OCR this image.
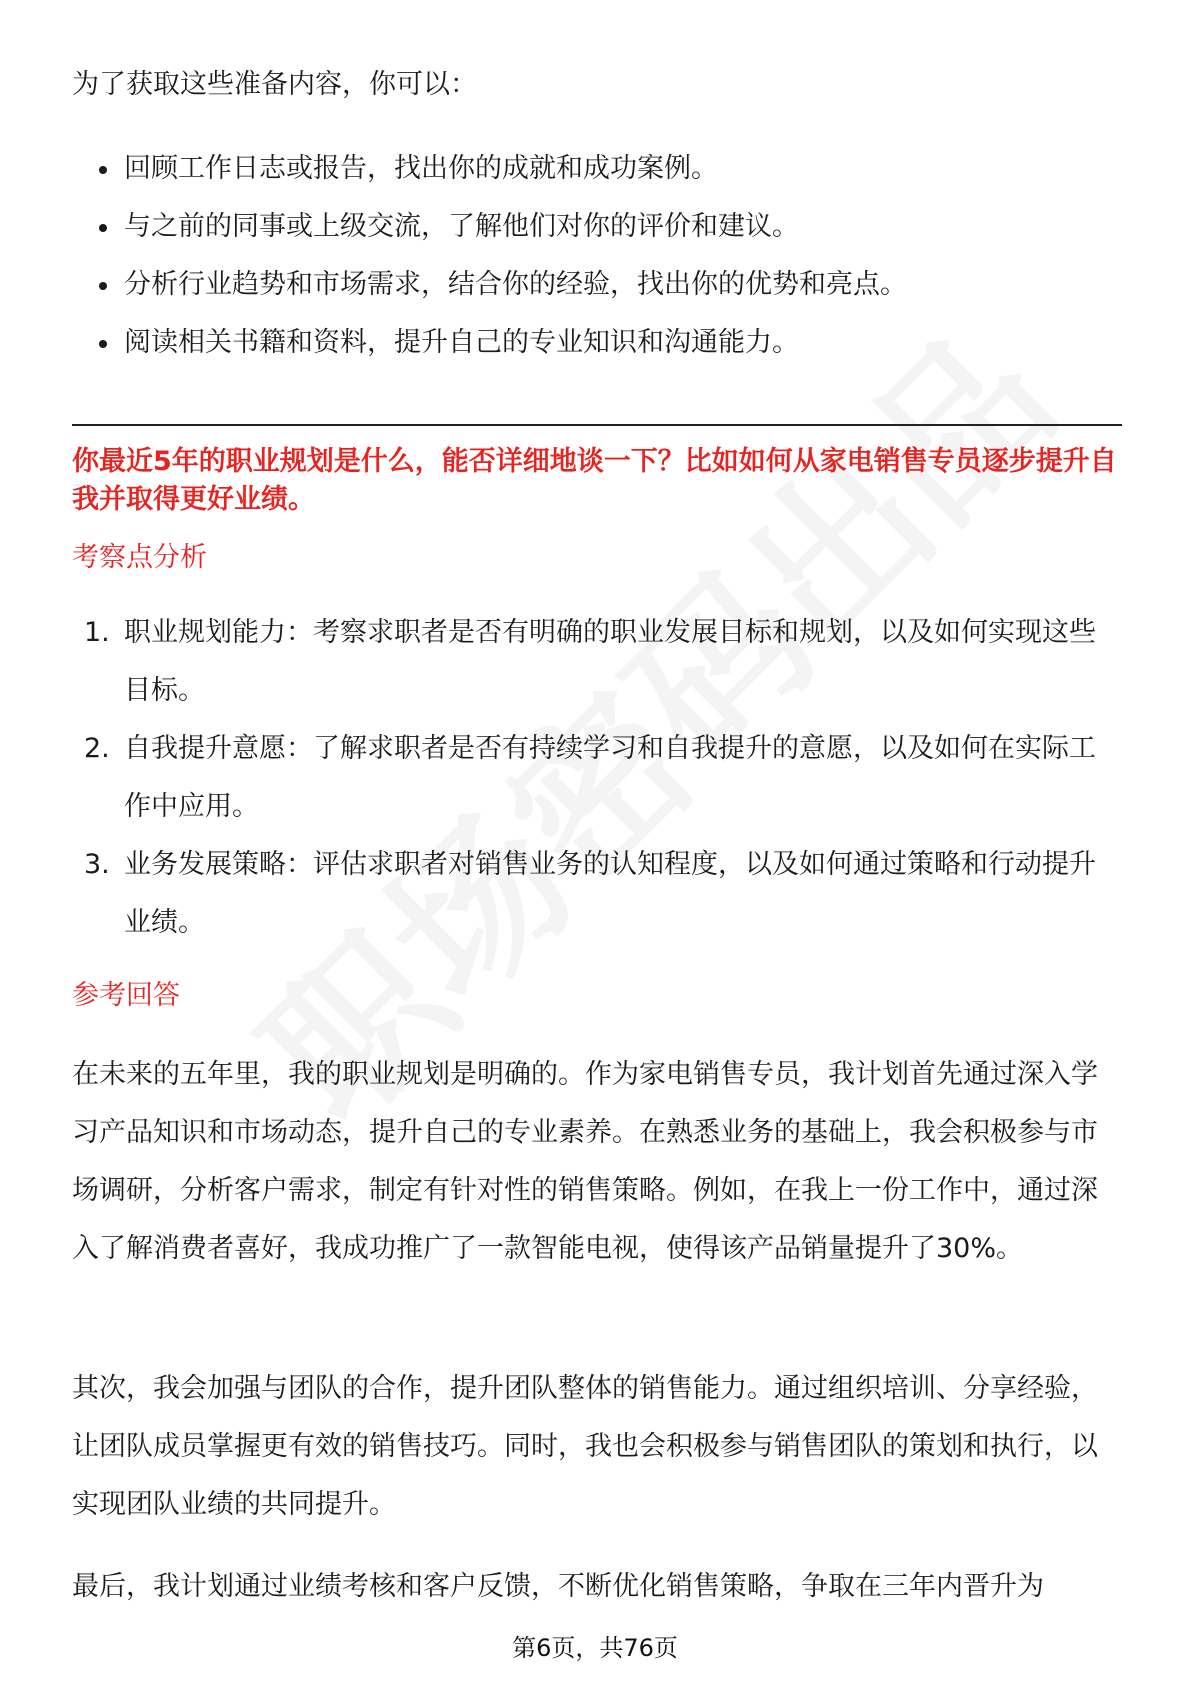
为了获取这些准备内容，你可以：

回顾工作日志或报告，找出你的成就和成功案例。
与之前的同事或上级交流，了解他们对你的评价和建议。
分析行业趋势和市场需求，结合你的经验，找出你的优势和亮点。
阅读相关书籍和资料，提升自己的专业知识和沟通能力。

你最近5年的职业规划是什么，能否详细地谈一下？比如如何从家电销售专员逐步提升自我并取得更好业绩。

考察点分析

1. 职业规划能力：考察求职者是否有明确的职业发展目标和规划，以及如何实现这些目标。
2. 自我提升意愿：了解求职者是否有持续学习和自我提升的意愿，以及如何在实际工作中应用。
3. 业务发展策略：评估求职者对销售业务的认知程度，以及如何通过策略和行动提升业绩。

参考回答

在未来的五年里，我的职业规划是明确的。作为家电销售专员，我计划首先通过深入学习产品知识和市场动态，提升自己的专业素养。在熟悉业务的基础上，我会积极参与市场调研，分析客户需求，制定有针对性的销售策略。例如，在我上一份工作中，通过深入了解消费者喜好，我成功推广了一款智能电视，使得该产品销量提升了30%。

其次，我会加强与团队的合作，提升团队整体的销售能力。通过组织培训、分享经验，让团队成员掌握更有效的销售技巧。同时，我也会积极参与销售团队的策划和执行，以实现团队业绩的共同提升。

最后，我计划通过业绩考核和客户反馈，不断优化销售策略，争取在三年内晋升为

第6页，共76页
